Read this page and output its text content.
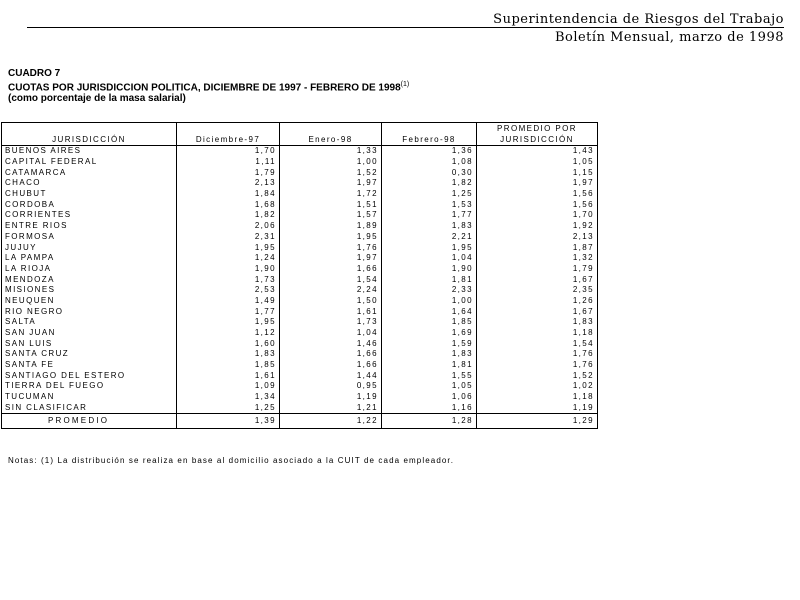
Superintendencia de Riesgos del Trabajo
Boletín Mensual, marzo de 1998
CUADRO 7
CUOTAS POR JURISDICCION POLITICA, DICIEMBRE DE 1997 - FEBRERO DE 1998$^{(1)}$
(como porcentaje de la masa salarial)
				PROMEDIO POR
JURISDICCIÓN	Diciembre-97	Enero-98	Febrero-98	JURISDICCIÓN
BUENOS AIRES	1,70	1,33	1,36	1,43
CAPITAL FEDERAL	1,11	1,00	1,08	1,05
CATAMARCA	1,79	1,52	0,30	1,15
CHACO	2,13	1,97	1,82	1,97
CHUBUT	1,84	1,72	1,25	1,56
CORDOBA	1,68	1,51	1,53	1,56
CORRIENTES	1,82	1,57	1,77	1,70
ENTRE RIOS	2,06	1,89	1,83	1,92
FORMOSA	2,31	1,95	2,21	2,13
JUJUY	1,95	1,76	1,95	1,87
LA PAMPA	1,24	1,97	1,04	1,32
LA RIOJA	1,90	1,66	1,90	1,79
MENDOZA	1,73	1,54	1,81	1,67
MISIONES	2,53	2,24	2,33	2,35
NEUQUEN	1,49	1,50	1,00	1,26
RIO NEGRO	1,77	1,61	1,64	1,67
SALTA	1,95	1,73	1,85	1,83
SAN JUAN	1,12	1,04	1,69	1,18
SAN LUIS	1,60	1,46	1,59	1,54
SANTA CRUZ	1,83	1,66	1,83	1,76
SANTA FE	1,85	1,66	1,81	1,76
SANTIAGO DEL ESTERO	1,61	1,44	1,55	1,52
TIERRA DEL FUEGO	1,09	0,95	1,05	1,02
TUCUMAN	1,34	1,19	1,06	1,18
SIN CLASIFICAR	1,25	1,21	1,16	1,19
PROMEDIO	1,39	1,22	1,28	1,29
Notas: (1) La distribución se realiza en base al domicilio asociado a la CUIT de cada empleador.
